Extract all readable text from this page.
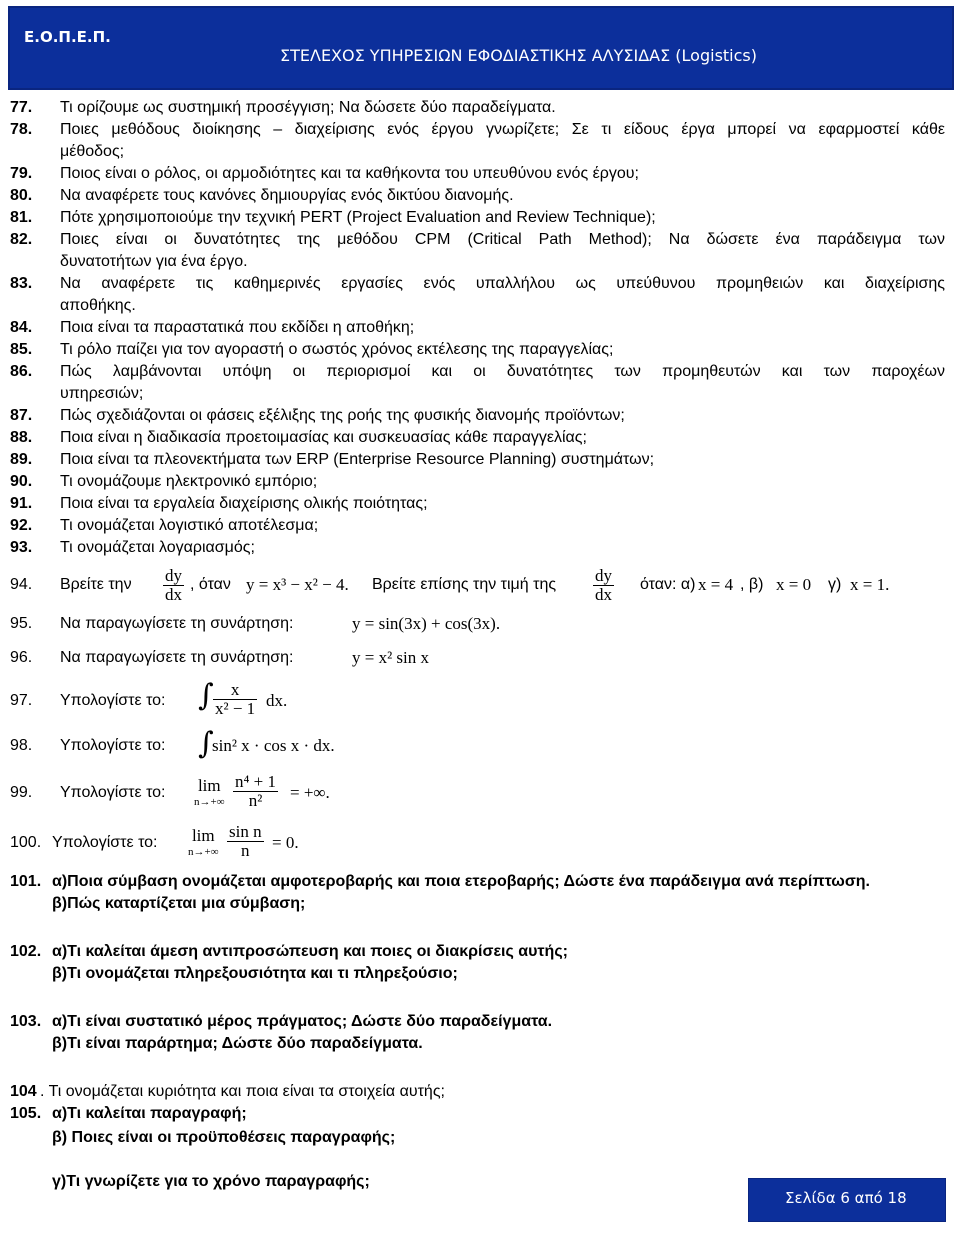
Ε.Ο.Π.Ε.Π.
ΣΤΕΛΕΧΟΣ ΥΠΗΡΕΣΙΩΝ ΕΦΟΔΙΑΣΤΙΚΗΣ ΑΛΥΣΙΔΑΣ (Logistics)
77. Τι ορίζουμε ως συστημική προσέγγιση; Να δώσετε δύο παραδείγματα.
78. Ποιες μεθόδους διοίκησης – διαχείρισης ενός έργου γνωρίζετε; Σε τι είδους έργα μπορεί να εφαρμοστεί κάθε
μέθοδος;
79. Ποιος είναι ο ρόλος, οι αρμοδιότητες και τα καθήκοντα του υπευθύνου ενός έργου;
80. Να αναφέρετε τους κανόνες δημιουργίας ενός δικτύου διανομής.
81. Πότε χρησιμοποιούμε την τεχνική PERT (Project Evaluation and Review Technique);
82. Ποιες είναι οι δυνατότητες της μεθόδου CPM (Critical Path Method); Να δώσετε ένα παράδειγμα των
δυνατοτήτων για ένα έργο.
83. Να αναφέρετε τις καθημερινές εργασίες ενός υπαλλήλου ως υπεύθυνου προμηθειών και διαχείρισης
αποθήκης.
84. Ποια είναι τα παραστατικά που εκδίδει η αποθήκη;
85. Τι ρόλο παίζει για τον αγοραστή ο σωστός χρόνος εκτέλεσης της παραγγελίας;
86. Πώς λαμβάνονται υπόψη οι περιορισμοί και οι δυνατότητες των προμηθευτών και των παροχέων
υπηρεσιών;
87. Πώς σχεδιάζονται οι φάσεις εξέλιξης της ροής της φυσικής διανομής προϊόντων;
88. Ποια είναι η διαδικασία προετοιμασίας και συσκευασίας κάθε παραγγελίας;
89. Ποια είναι τα πλεονεκτήματα των ERP (Enterprise Resource Planning) συστημάτων;
90. Τι ονομάζουμε ηλεκτρονικό εμπόριο;
91. Ποια είναι τα εργαλεία διαχείρισης ολικής ποιότητας;
92. Τι ονομάζεται λογιστικό αποτέλεσμα;
93. Τι ονομάζεται λογαριασμός;
94. Βρείτε την $\frac{dy}{dx}$ , όταν y = x³ − x² − 4. Βρείτε επίσης την τιμή της $\frac{dy}{dx} ό\tau\alpha\nu$: α) x = 4 , β) x = 0 γ) x = 1.
95. Να παραγωγίσετε τη συνάρτηση:	y = sin(3x) + cos(3x).
96. Να παραγωγίσετε τη συνάρτηση:	y = x² sin x
97. Υπολογίστε το: ∫ $\frac{x}{\text{x² − 1}}$ dx.
98. Υπολογίστε το: ∫
sin² x · cos x · dx.
99. Υπολογίστε το: lim
$n\to+\infty \frac{\text{n⁴ + 1}}{\text{n²}}$ = +∞.
100. Υπολογίστε το: lim
$n\to+\infty \frac{\text{sin n}}{n} = 0$.
101. α)Ποια σύμβαση ονομάζεται αμφοτεροβαρής και ποια ετεροβαρής; Δώστε ένα παράδειγμα ανά περίπτωση.
β)Πώς καταρτίζεται μια σύμβαση;
102. α)Τι καλείται άμεση αντιπροσώπευση και ποιες οι διακρίσεις αυτής;
β)Τι ονομάζεται πληρεξουσιότητα και τι πληρεξούσιο;
103. α)Τι είναι συστατικό μέρος πράγματος; Δώστε δύο παραδείγματα.
β)Τι είναι παράρτημα; Δώστε δύο παραδείγματα.
104 . Τι ονομάζεται κυριότητα και ποια είναι τα στοιχεία αυτής;
105. α)Τι καλείται παραγραφή;
β) Ποιες είναι οι προϋποθέσεις παραγραφής;
γ)Τι γνωρίζετε για το χρόνο παραγραφής;
Σελίδα 6 από 18
